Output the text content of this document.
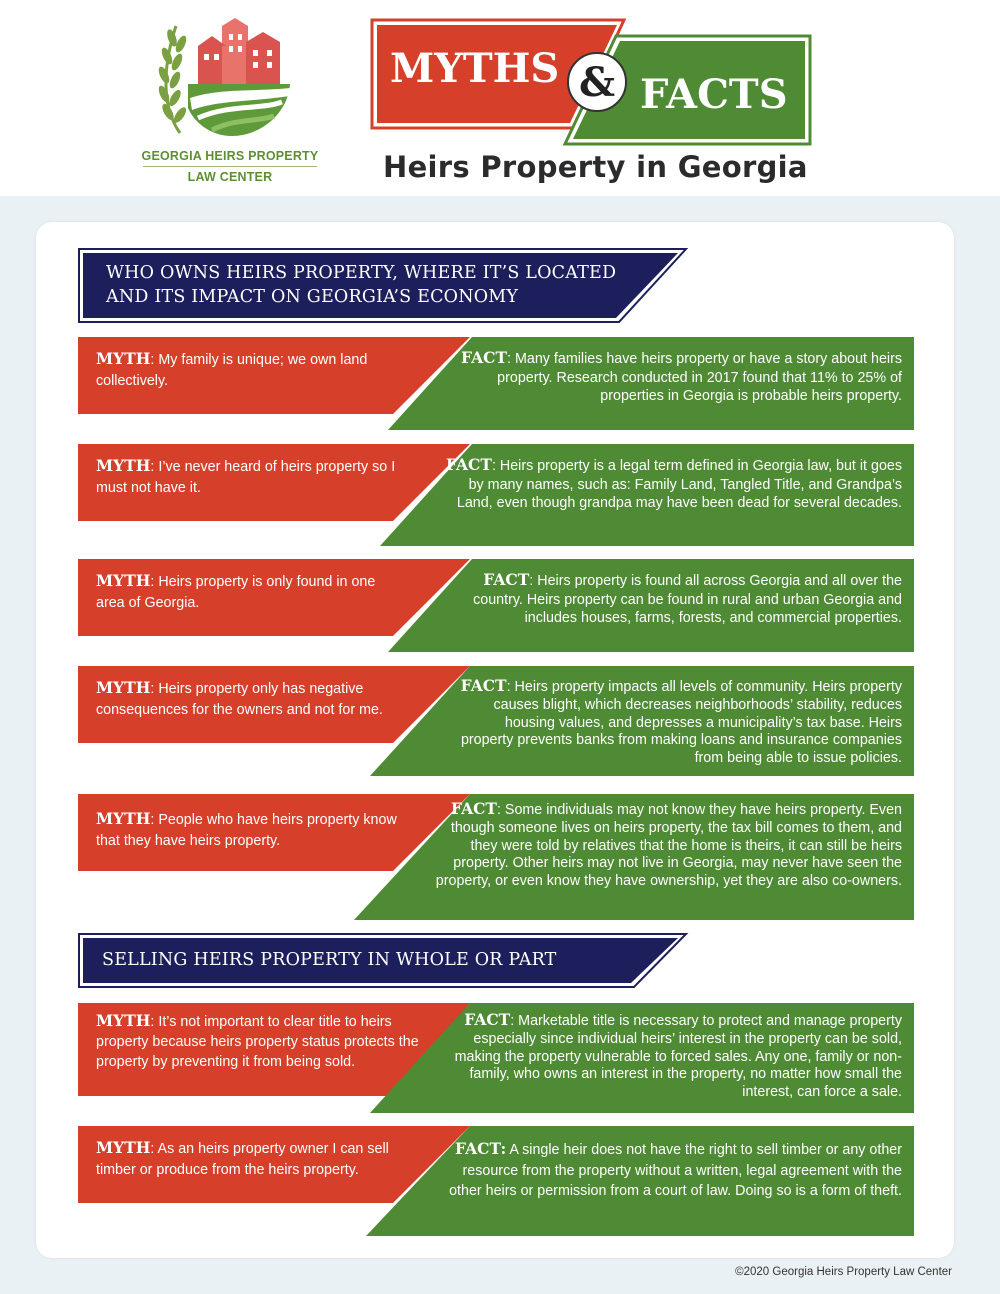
GEORGIA HEIRS PROPERTY
LAW CENTER
MYTHS
FACTS
&
Heirs Property in Georgia
WHO OWNS HEIRS PROPERTY, WHERE IT’S LOCATED
AND ITS IMPACT ON GEORGIA’S ECONOMY
MYTH: My family is unique; we own land collectively.
FACT: Many families have heirs property or have a story about heirs property. Research conducted in 2017 found that 11% to 25% of properties in Georgia is probable heirs property.
MYTH: I’ve never heard of heirs property so I must not have it.
FACT: Heirs property is a legal term defined in Georgia law, but it goes by many names, such as: Family Land, Tangled Title, and Grandpa’s Land, even though grandpa may have been dead for several decades.
MYTH: Heirs property is only found in one area of Georgia.
FACT: Heirs property is found all across Georgia and all over the country. Heirs property can be found in rural and urban Georgia and includes houses, farms, forests, and commercial properties.
MYTH: Heirs property only has negative consequences for the owners and not for me.
FACT: Heirs property impacts all levels of community. Heirs property causes blight, which decreases neighborhoods’ stability, reduces housing values, and depresses a municipality’s tax base. Heirs property prevents banks from making loans and insurance companies from being able to issue policies.
MYTH: People who have heirs property know that they have heirs property.
FACT: Some individuals may not know they have heirs property. Even though someone lives on heirs property, the tax bill comes to them, and they were told by relatives that the home is theirs, it can still be heirs property. Other heirs may not live in Georgia, may never have seen the property, or even know they have ownership, yet they are also co-owners.
SELLING HEIRS PROPERTY IN WHOLE OR PART
MYTH: It’s not important to clear title to heirs property because heirs property status protects the property by preventing it from being sold.
FACT: Marketable title is necessary to protect and manage property especially since individual heirs’ interest in the property can be sold, making the property vulnerable to forced sales. Any one, family or non-family, who owns an interest in the property, no matter how small the interest, can force a sale.
MYTH: As an heirs property owner I can sell timber or produce from the heirs property.
FACT: A single heir does not have the right to sell timber or any other resource from the property without a written, legal agreement with the other heirs or permission from a court of law. Doing so is a form of theft.
©2020 Georgia Heirs Property Law Center
